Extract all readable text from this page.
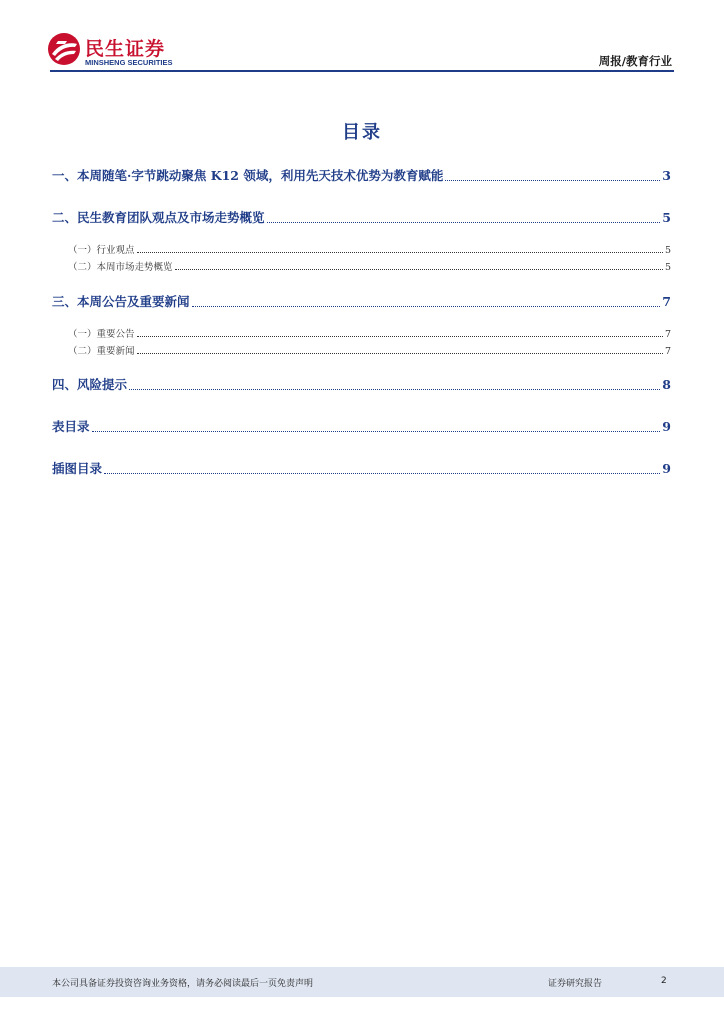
民生证券
MINSHENG SECURITIES	周报/教育行业
目录
一、本周随笔·字节跳动聚焦 K12 领域，利用先天技术优势为教育赋能	3
二、民生教育团队观点及市场走势概览	5
（一）行业观点	5
（二）本周市场走势概览	5
三、本周公告及重要新闻	7
（一）重要公告	7
（二）重要新闻	7
四、风险提示	8
表目录	9
插图目录	9
本公司具备证券投资咨询业务资格，请务必阅读最后一页免责声明	证券研究报告	2
